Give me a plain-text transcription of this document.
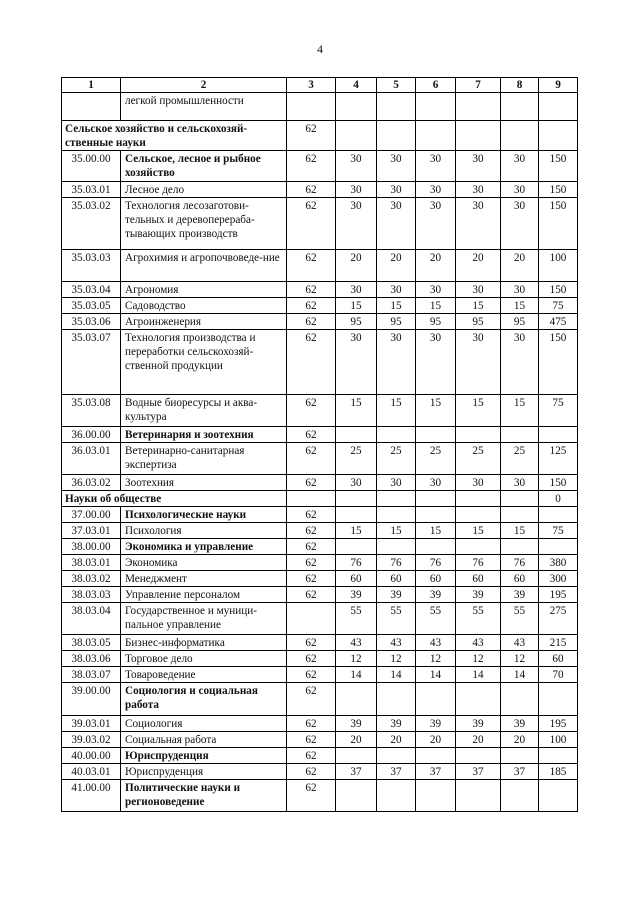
4
1	2	3	4	5	6	7	8	9
	легкой промышленности							
Сельское хозяйство и сельскохозяй-ственные науки		62						
35.00.00	Сельское, лесное и рыбное хозяйство	62	30	30	30	30	30	150
35.03.01	Лесное дело	62	30	30	30	30	30	150
35.03.02	Технология лесозаготови-тельных и деревоперераба-тывающих производств	62	30	30	30	30	30	150
35.03.03	Агрохимия и агропочвоведе-ние	62	20	20	20	20	20	100
35.03.04	Агрономия	62	30	30	30	30	30	150
35.03.05	Садоводство	62	15	15	15	15	15	75
35.03.06	Агроинженерия	62	95	95	95	95	95	475
35.03.07	Технология производства и переработки сельскохозяй-ственной продукции	62	30	30	30	30	30	150
35.03.08	Водные биоресурсы и аква-культура	62	15	15	15	15	15	75
36.00.00	Ветеринария и зоотехния	62						
36.03.01	Ветеринарно-санитарная экспертиза	62	25	25	25	25	25	125
36.03.02	Зоотехния	62	30	30	30	30	30	150
Науки об обществе								0
37.00.00	Психологические науки	62						
37.03.01	Психология	62	15	15	15	15	15	75
38.00.00	Экономика и управление	62						
38.03.01	Экономика	62	76	76	76	76	76	380
38.03.02	Менеджмент	62	60	60	60	60	60	300
38.03.03	Управление персоналом	62	39	39	39	39	39	195
38.03.04	Государственное и муници-пальное управление		55	55	55	55	55	275
38.03.05	Бизнес-информатика	62	43	43	43	43	43	215
38.03.06	Торговое дело	62	12	12	12	12	12	60
38.03.07	Товароведение	62	14	14	14	14	14	70
39.00.00	Социология и социальная работа	62						
39.03.01	Социология	62	39	39	39	39	39	195
39.03.02	Социальная работа	62	20	20	20	20	20	100
40.00.00	Юриспруденция	62						
40.03.01	Юриспруденция	62	37	37	37	37	37	185
41.00.00	Политические науки и регионоведение	62						
